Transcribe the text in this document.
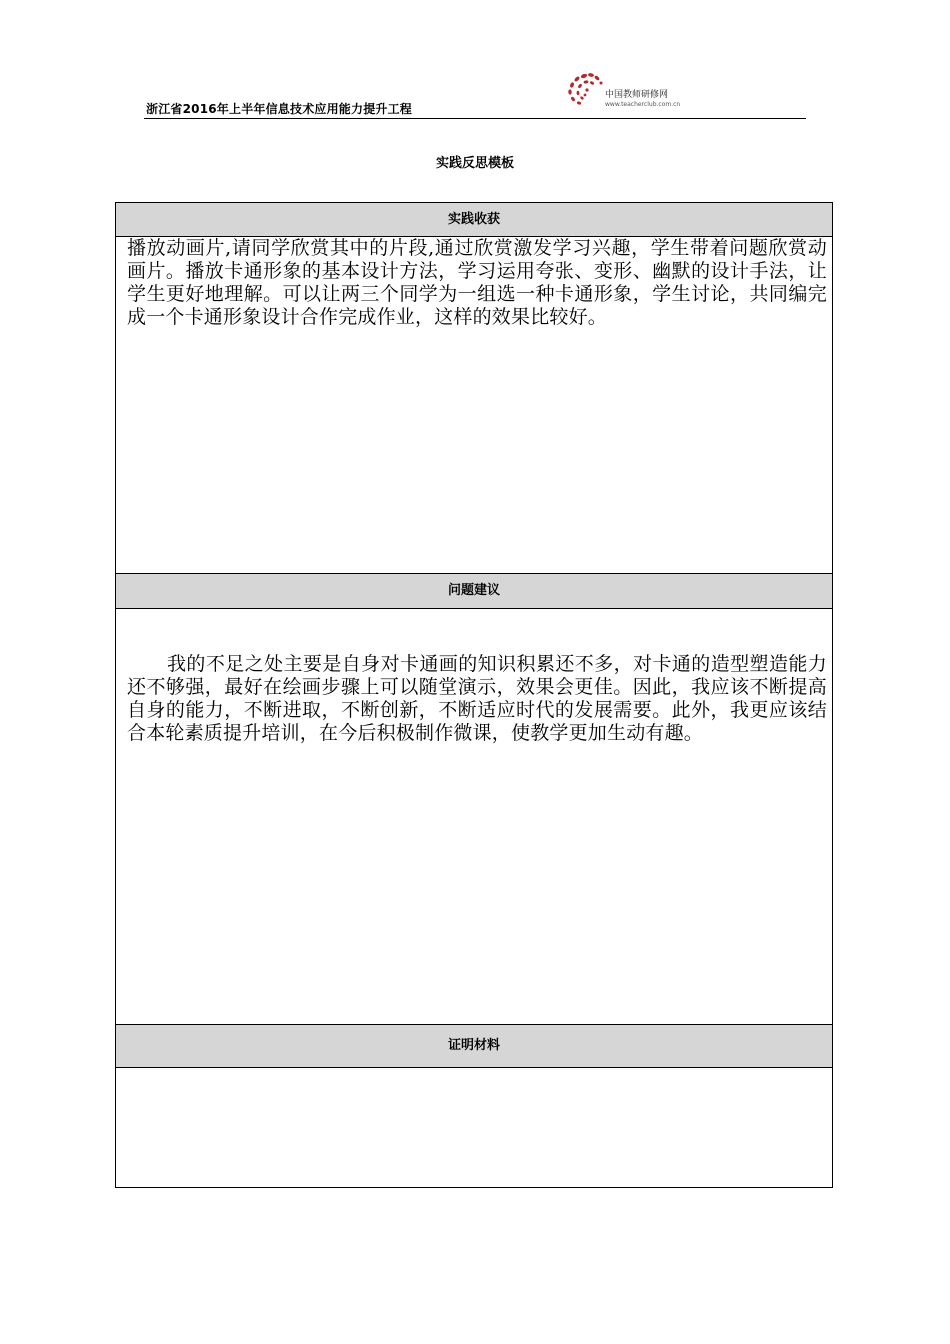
浙江省2016年上半年信息技术应用能力提升工程
中国教师研修网
www.teacherclub.com.cn
实践反思模板
实践收获
播放动画片,请同学欣赏其中的片段,通过欣赏激发学习兴趣，学生带着问题欣赏动画片。播放卡通形象的基本设计方法，学习运用夸张、变形、幽默的设计手法，让学生更好地理解。可以让两三个同学为一组选一种卡通形象，学生讨论，共同编完成一个卡通形象设计合作完成作业，这样的效果比较好。
问题建议
我的不足之处主要是自身对卡通画的知识积累还不多，对卡通的造型塑造能力还不够强，最好在绘画步骤上可以随堂演示，效果会更佳。因此，我应该不断提高自身的能力，不断进取，不断创新，不断适应时代的发展需要。此外，我更应该结合本轮素质提升培训，在今后积极制作微课，使教学更加生动有趣。
证明材料
